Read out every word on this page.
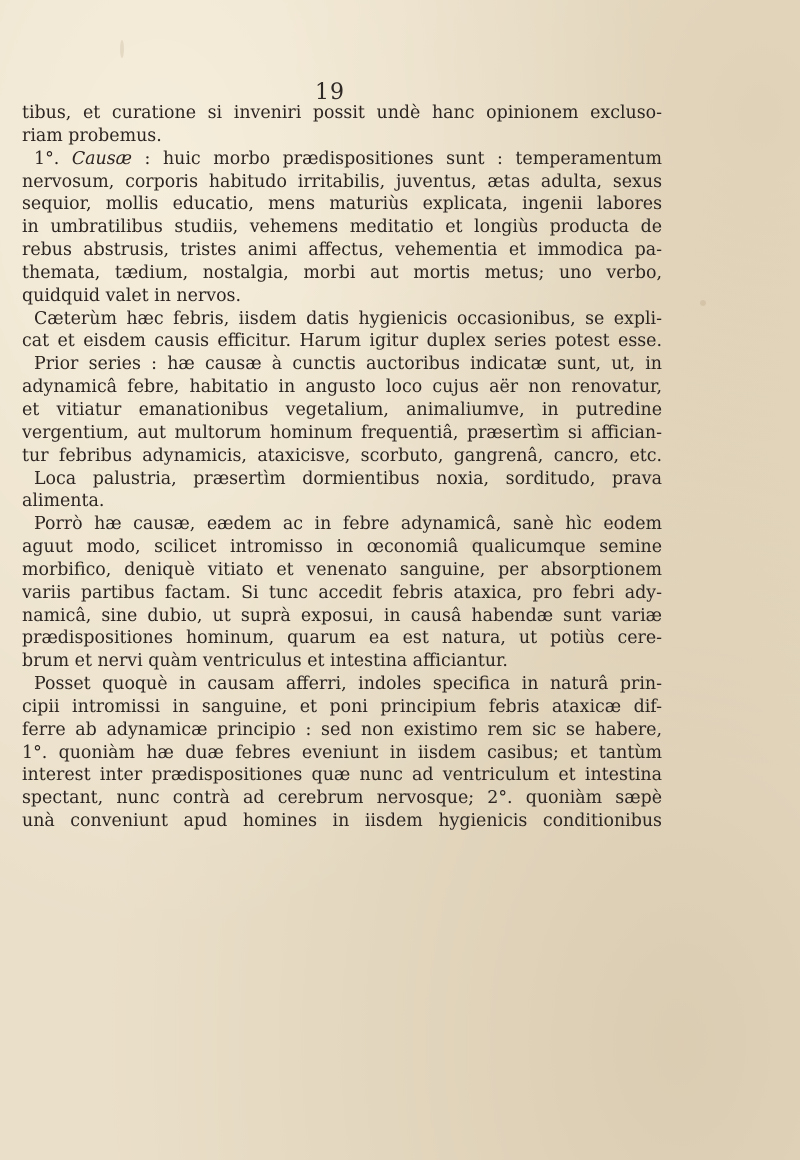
19
tibus, et curatione si inveniri possit undè hanc opinionem excluso-
riam probemus.
1°. Causæ : huic morbo prædispositiones sunt : temperamentum
nervosum, corporis habitudo irritabilis, juventus, ætas adulta, sexus
sequior, mollis educatio, mens maturiùs explicata, ingenii labores
in umbratilibus studiis, vehemens meditatio et longiùs producta de
rebus abstrusis, tristes animi affectus, vehementia et immodica pa-
themata, tædium, nostalgia, morbi aut mortis metus; uno verbo,
quidquid valet in nervos.
Cæterùm hæc febris, iisdem datis hygienicis occasionibus, se expli-
cat et eisdem causis efficitur. Harum igitur duplex series potest esse.
Prior series : hæ causæ à cunctis auctoribus indicatæ sunt, ut, in
adynamicâ febre, habitatio in angusto loco cujus aër non renovatur,
et vitiatur emanationibus vegetalium, animaliumve, in putredine
vergentium, aut multorum hominum frequentiâ, præsertìm si affician-
tur febribus adynamicis, ataxicisve, scorbuto, gangrenâ, cancro, etc.
Loca palustria, præsertìm dormientibus noxia, sorditudo, prava
alimenta.
Porrò hæ causæ, eædem ac in febre adynamicâ, sanè hìc eodem
aguut modo, scilicet intromisso in œconomiâ qualicumque semine
morbifico, deniquè vitiato et venenato sanguine, per absorptionem
variis partibus factam. Si tunc accedit febris ataxica, pro febri ady-
namicâ, sine dubio, ut suprà exposui, in causâ habendæ sunt variæ
prædispositiones hominum, quarum ea est natura, ut potiùs cere-
brum et nervi quàm ventriculus et intestina afficiantur.
Posset quoquè in causam afferri, indoles specifica in naturâ prin-
cipii intromissi in sanguine, et poni principium febris ataxicæ dif-
ferre ab adynamicæ principio : sed non existimo rem sic se habere,
1°. quoniàm hæ duæ febres eveniunt in iisdem casibus; et tantùm
interest inter prædispositiones quæ nunc ad ventriculum et intestina
spectant, nunc contrà ad cerebrum nervosque; 2°. quoniàm sæpè
unà conveniunt apud homines in iisdem hygienicis conditionibus
